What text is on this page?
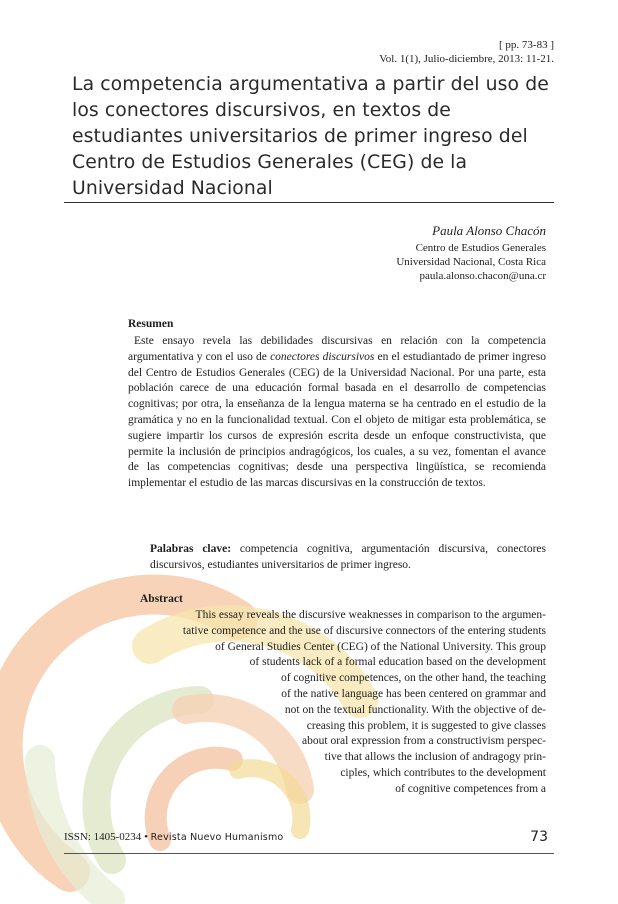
[ pp. 73-83 ]
Vol. 1(1), Julio-diciembre, 2013: 11-21.
La competencia argumentativa a partir del uso de los conectores discursivos, en textos de estudiantes universitarios de primer ingreso del Centro de Estudios Generales (CEG) de la Universidad Nacional
Paula Alonso Chacón
Centro de Estudios Generales
Universidad Nacional, Costa Rica
paula.alonso.chacon@una.cr
Resumen

Este ensayo revela las debilidades discursivas en relación con la competencia argumentativa y con el uso de conectores discursivos en el estudiantado de primer ingreso del Centro de Estudios Generales (CEG) de la Universidad Nacional. Por una parte, esta población carece de una educación formal basada en el desarrollo de competencias cognitivas; por otra, la enseñanza de la lengua materna se ha centrado en el estudio de la gramática y no en la funcionalidad textual. Con el objeto de mitigar esta problemática, se sugiere impartir los cursos de expresión escrita desde un enfoque constructivista, que permite la inclusión de principios andragógicos, los cuales, a su vez, fomentan el avance de las competencias cognitivas; desde una perspectiva lingüística, se recomienda implementar el estudio de las marcas discursivas en la construcción de textos.

Palabras clave: competencia cognitiva, argumentación discursiva, conectores discursivos, estudiantes universitarios de primer ingreso.

Abstract
This essay reveals the discursive weaknesses in comparison to the argumen-
tative competence and the use of discursive connectors of the entering students
of General Studies Center (CEG) of the National University. This group
of students lack of a formal education based on the development
of cognitive competences, on the other hand, the teaching
of the native language has been centered on grammar and
not on the textual functionality. With the objective of de-
creasing this problem, it is suggested to give classes
about oral expression from a constructivism perspec-
tive that allows the inclusion of andragogy prin-
ciples, which contributes to the development
of cognitive competences from a
ISSN: 1405-0234 • Revista Nuevo Humanismo	73
